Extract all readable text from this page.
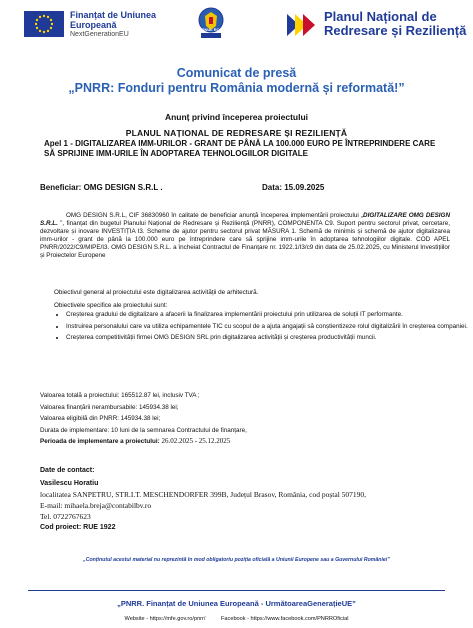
Finanțat de Uniunea Europeană
NextGenerationEU
GUVERNUL ROMÂNIEI
Planul Național de Redresare și Reziliență
Comunicat de presă
„PNRR: Fonduri pentru România modernă și reformată!”
Anunț privind începerea proiectului
PLANUL NAȚIONAL DE REDRESARE ȘI REZILIENȚĂ
Apel 1 - DIGITALIZAREA IMM-URILOR - GRANT DE PÂNĂ LA 100.000 EURO PE ÎNTREPRINDERE CARE SĂ SPRIJINE IMM-URILE ÎN ADOPTAREA TEHNOLOGIILOR DIGITALE
Beneficiar: OMG DESIGN S.R.L .	Data: 15.09.2025
OMG DESIGN S.R.L, CIF 36830960 în calitate de beneficiar anunță începerea implementării proiectului „DIGITALIZARE OMG DESIGN S.R.L. ”, finanțat din bugetul Planului Național de Redresare și Reziliență (PNRR), COMPONENTA C9. Suport pentru sectorul privat, cercetare, dezvoltare și inovare INVESTIȚIA I3. Scheme de ajutor pentru sectorul privat MĂSURA 1. Schemă de minimis și schemă de ajutor digitalizarea imm-urilor - grant de până la 100.000 euro pe întreprindere care să sprijine imm-urile în adoptarea tehnologiilor digitale. COD APEL PNRR/2022/C9/MIPE/I3. OMG DESIGN S.R.L. a încheiat Contractul de Finanțare nr. 1922.1/I3/c9 din data de 25.02.2025, cu Ministerul Investițiilor și Proiectelor Europene
Obiectivul general al proiectului este digitalizarea activității de arhitectură.
Obiectivele specifice ale proiectului sunt:
• Creșterea gradului de digitalizare a afacerii la finalizarea implementării proiectului prin utilizarea de soluții IT performante.
• Instruirea personalului care va utiliza echipamentele TIC cu scopul de a ajuta angajații să conștientizeze rolul digitalizării în creșterea companiei.
• Creșterea competitivității firmei OMG DESIGN SRL prin digitalizarea activității și creșterea productivității muncii.
Valoarea totală a proiectului: 165512.87 lei, inclusiv TVA ;
Valoarea finanțării nerambursabile: 145934.38 lei;
Valoarea eligibilă din PNRR: 145934.38 lei;
Durata de implementare: 10 luni de la semnarea Contractului de finanțare,
Perioada de implementare a proiectului: 26.02.2025 - 25.12.2025
Date de contact:
Vasilescu Horatiu
localitatea SANPETRU, STR.I.T. MESCHENDORFER 399B, Județul Brasov, România, cod poștal 507190,
E-mail: mihaela.breja@contabilbv.ro
Tel. 0722767623
Cod proiect: RUE 1922
„Conținutul acestui material nu reprezintă în mod obligatoriu poziția oficială a Uniunii Europene sau a Guvernului României”
„PNRR. Finanțat de Uniunea Europeană - UrmătoareaGenerațieUE”
Website - https://mfe.gov.ro/pnrr/          Facebook - https://www.facebook.com/PNRROficial
